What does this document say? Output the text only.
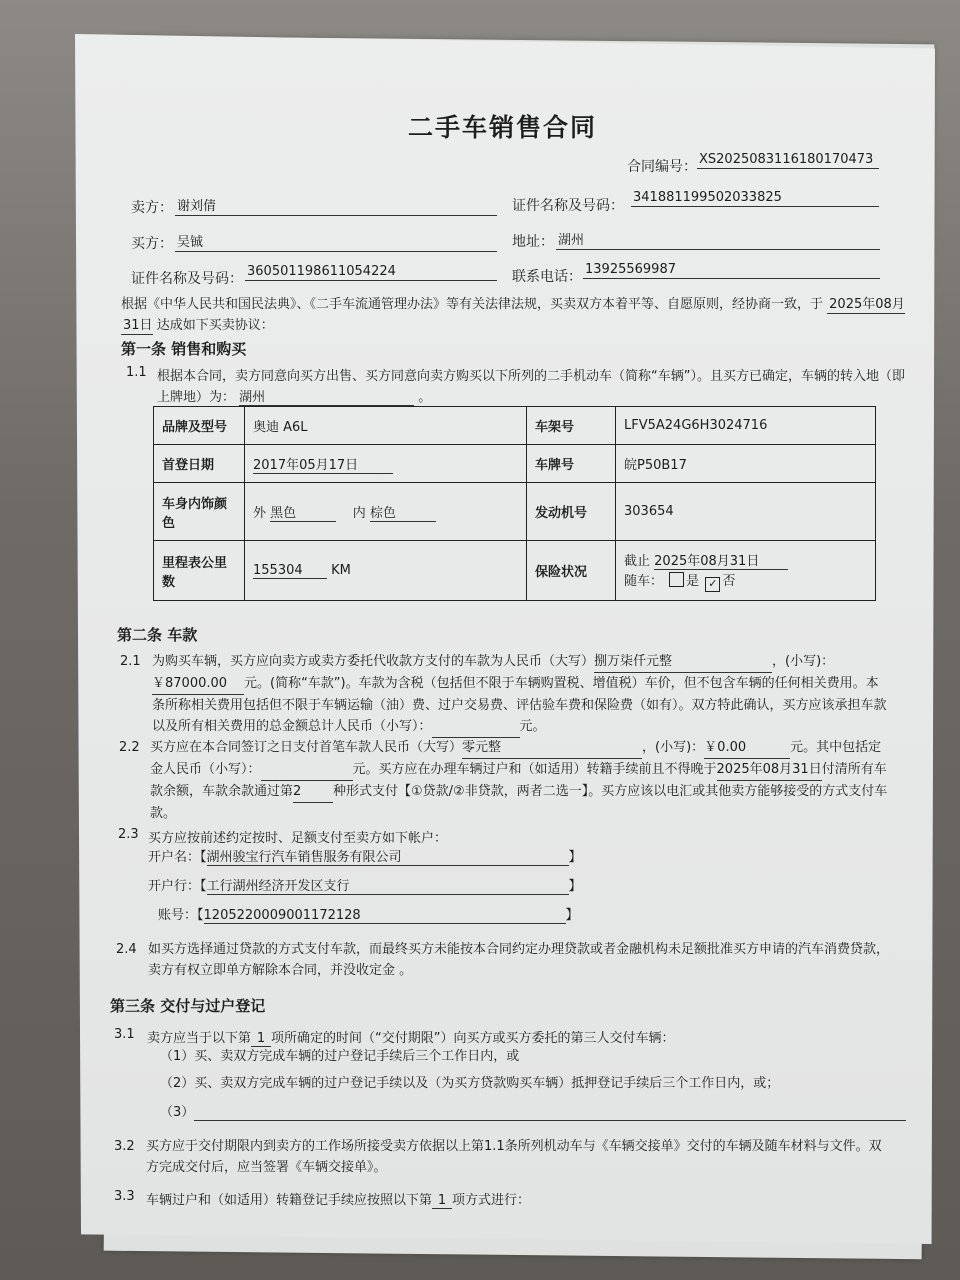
二手车销售合同
合同编号： XS2025083116180170473
卖方： 谢刘倩	证件名称及号码：
341881199502033825
买方： 吴铖	地址： 湖州
证件名称及号码： 360501198611054224	联系电话： 13925569987
根据《中华人民共和国民法典》、《二手车流通管理办法》等有关法律法规，买卖双方本着平等、自愿原则，经协商一致，于 2025年08月
31日 达成如下买卖协议：
第一条 销售和购买
1.1 根据本合同，卖方同意向买方出售、买方同意向卖方购买以下所列的二手机动车（简称“车辆”）。且买方已确定，车辆的转入地（即
上牌地）为： 湖州	。
品牌及型号	奥迪 A6L	车架号	LFV5A24G6H3024716
首登日期	2017年05月17日	车牌号	皖P50B17
车身内饰颜
色	外 黑色 内 棕色	发动机号	303654
里程表公里
数	155304 KM	保险状况	截止 2025年08月31日
随车： 是 ✓ 否
第二条 车款
2.1 为购买车辆，买方应向卖方或卖方委托代收款方支付的车款为人民币（大写）捌万柒仟元整	，(小写)：￥87000.00 元。(简称“车款”)。车款为含税（包括但不限于车辆购置税、增值税）车价，但不包含车辆的任何相关费用。本条所称相关费用包括但不限于车辆运输（油）费、过户交易费、评估验车费和保险费（如有）。双方特此确认，买方应该承担车款以及所有相关费用的总金额总计人民币（小写）：	元。
2.2 买方应在本合同签订之日支付首笔车款人民币（大写）零元整	，(小写)：￥0.00	元。其中包括定金人民币（小写）：	元。买方应在办理车辆过户和（如适用）转籍手续前且不得晚于2025年08月31日付清所有车款余额，车款余款通过第2 种形式支付【①贷款/②非贷款，两者二选一】。买方应该以电汇或其他卖方能够接受的方式支付车款。
2.3 买方应按前述约定按时、足额支付至卖方如下帐户：
开户名：【湖州骏宝行汽车销售服务有限公司	】
开户行：【工行湖州经济开发区支行	】
账号：【1205220009001172128	】
2.4 如买方选择通过贷款的方式支付车款，而最终买方未能按本合同约定办理贷款或者金融机构未足额批准买方申请的汽车消费贷款，卖方有权立即单方解除本合同，并没收定金 。
第三条 交付与过户登记
3.1 卖方应当于以下第 1 项所确定的时间（“交付期限”）向买方或买方委托的第三人交付车辆：
（1）买、卖双方完成车辆的过户登记手续后三个工作日内，或
（2）买、卖双方完成车辆的过户登记手续以及（为买方贷款购买车辆）抵押登记手续后三个工作日内，或；
（3）
3.2 买方应于交付期限内到卖方的工作场所接受卖方依据以上第1.1条所列机动车与《车辆交接单》交付的车辆及随车材料与文件。双方完成交付后，应当签署《车辆交接单》。
3.3 车辆过户和（如适用）转籍登记手续应按照以下第 1 项方式进行：
